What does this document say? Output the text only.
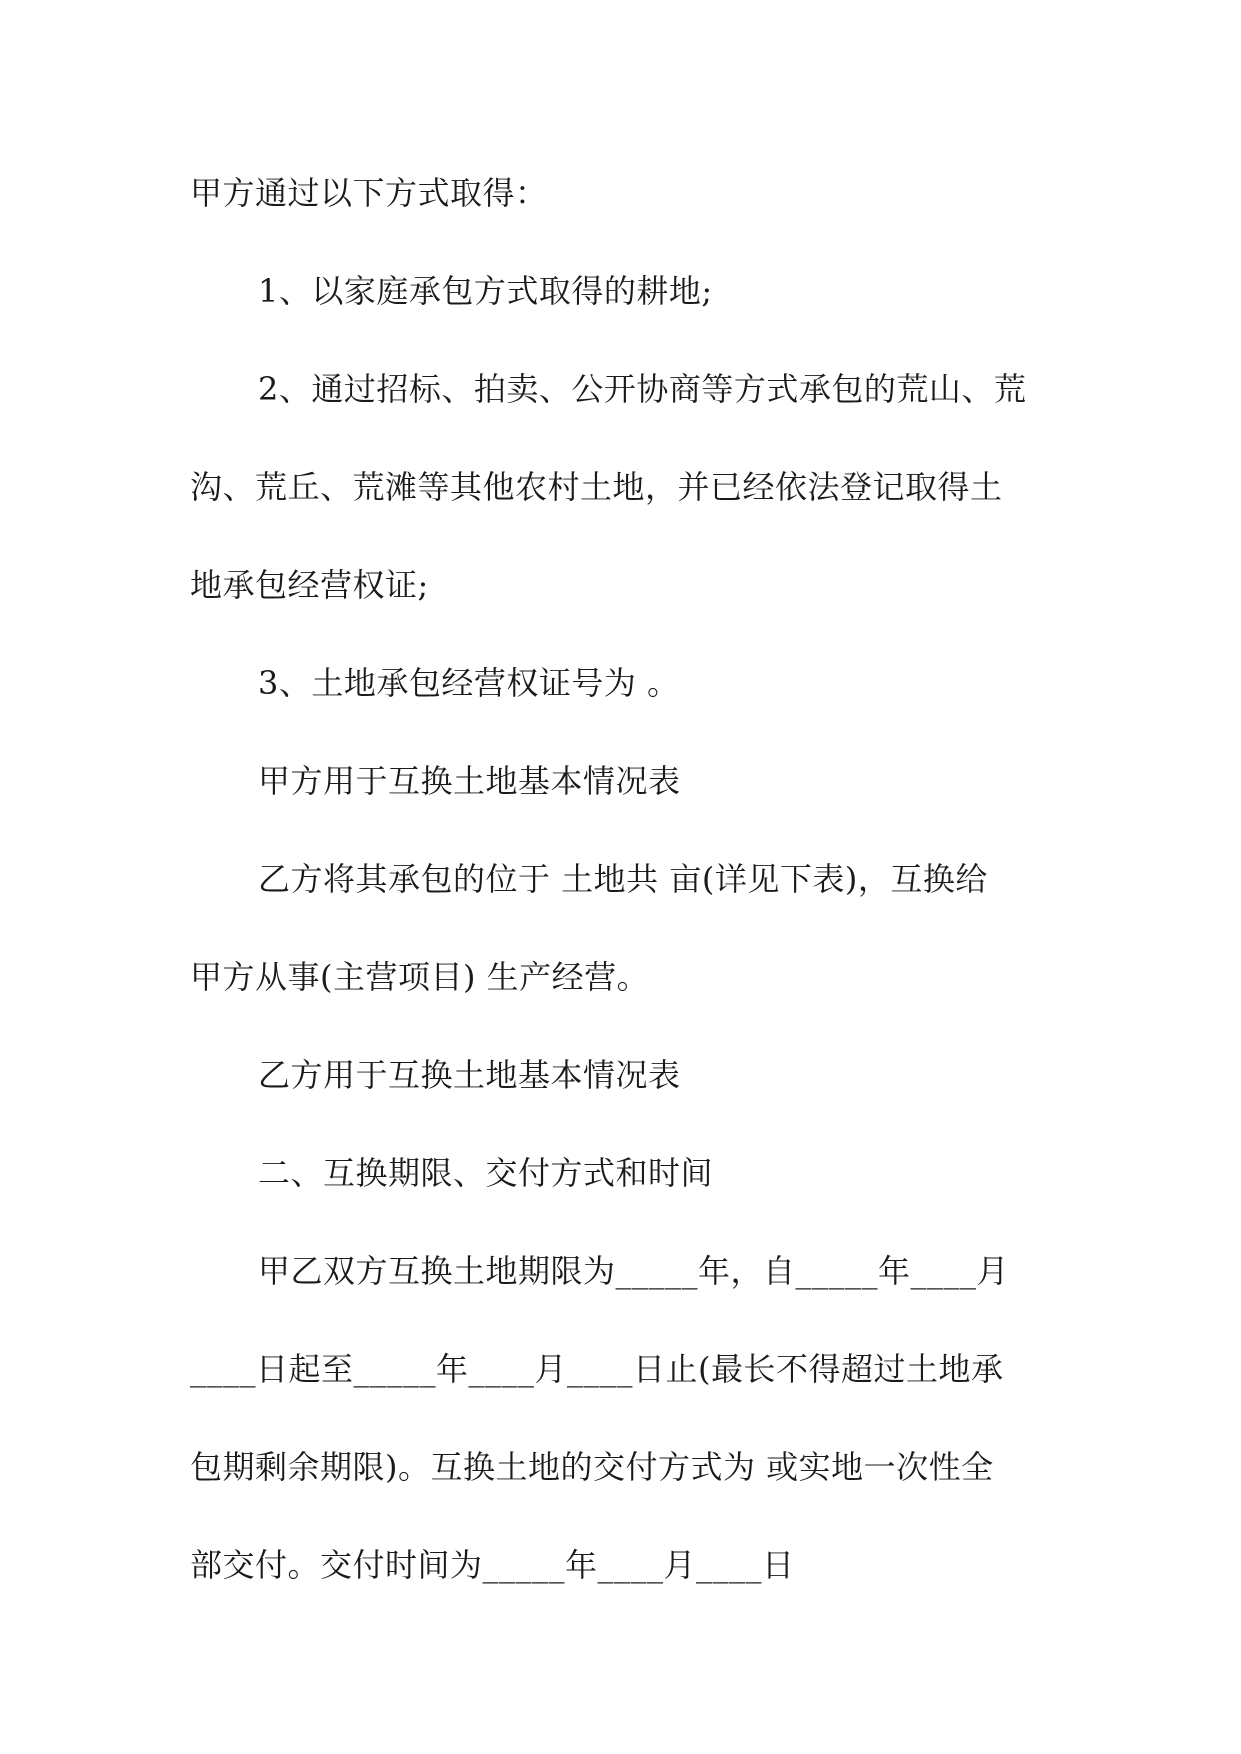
甲方通过以下方式取得：
1、以家庭承包方式取得的耕地;
2、通过招标、拍卖、公开协商等方式承包的荒山、荒
沟、荒丘、荒滩等其他农村土地，并已经依法登记取得土
地承包经营权证;
3、土地承包经营权证号为 。
甲方用于互换土地基本情况表
乙方将其承包的位于 土地共 亩(详见下表)，互换给
甲方从事(主营项目) 生产经营。
乙方用于互换土地基本情况表
二、互换期限、交付方式和时间
甲乙双方互换土地期限为_____年，自_____年____月
____日起至_____年____月____日止(最长不得超过土地承
包期剩余期限)。互换土地的交付方式为 或实地一次性全
部交付。交付时间为_____年____月____日
